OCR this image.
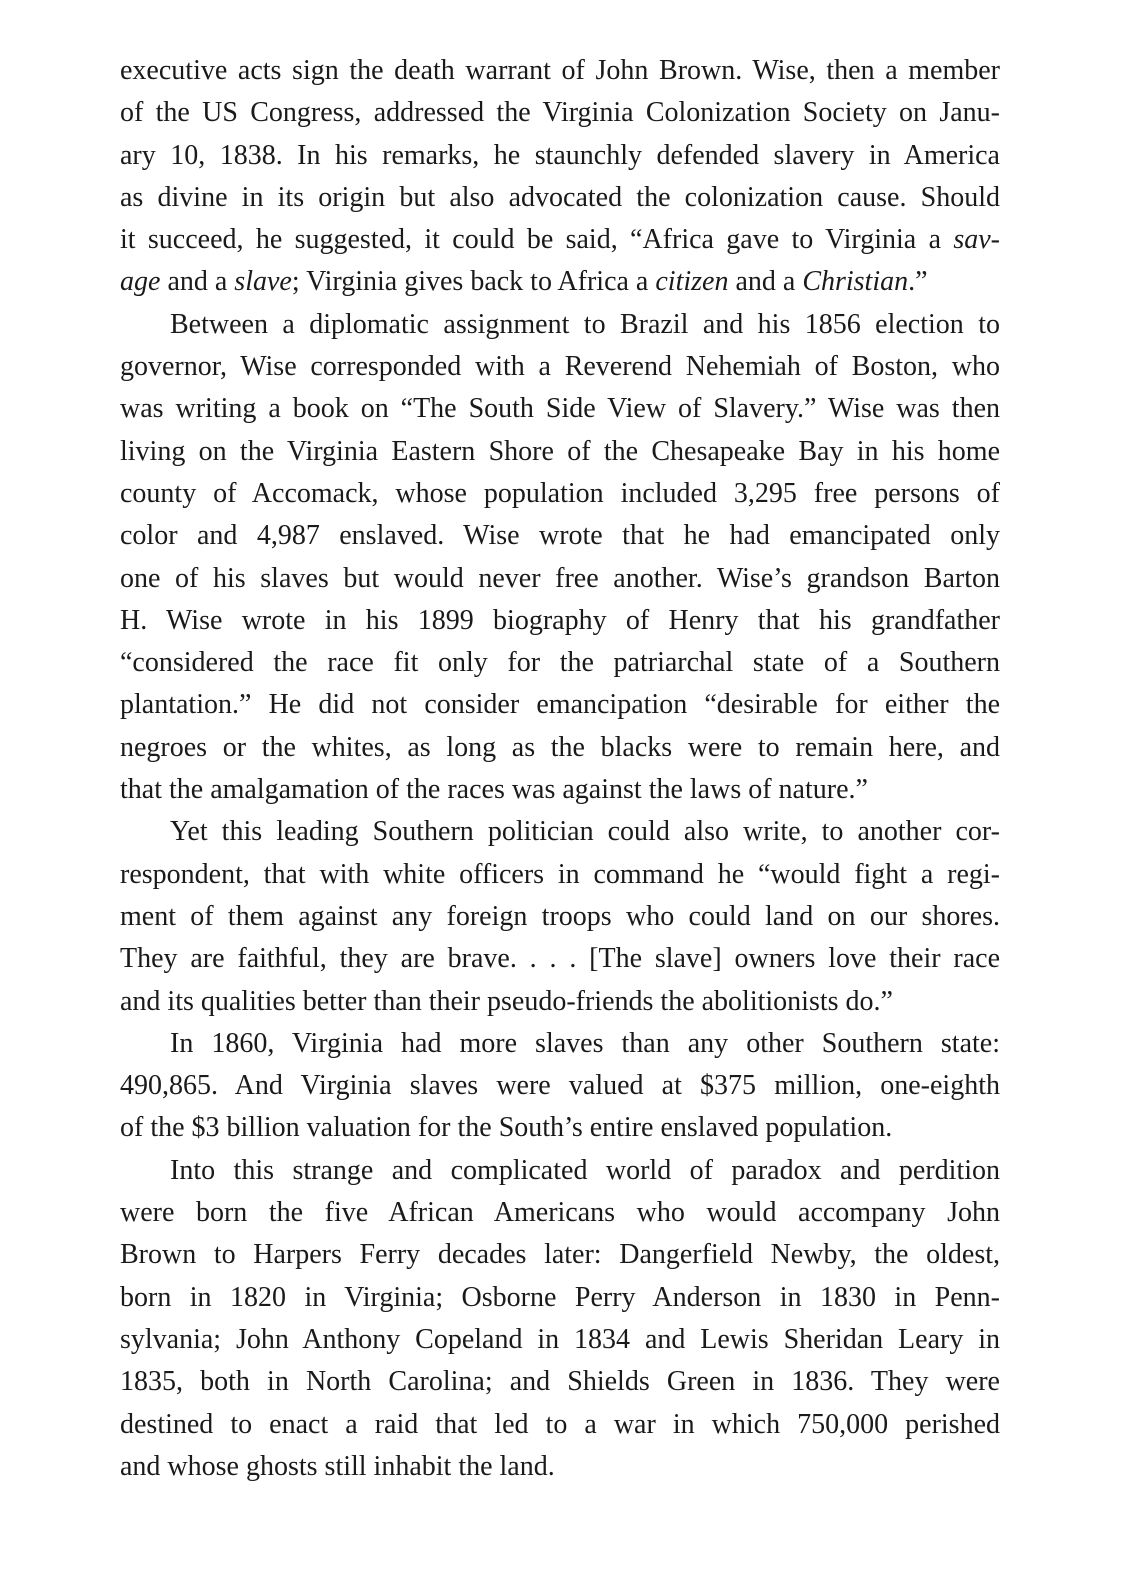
executive acts sign the death warrant of John Brown. Wise, then a member
of the US Congress, addressed the Virginia Colonization Society on Janu-
ary 10, 1838. In his remarks, he staunchly defended slavery in America
as divine in its origin but also advocated the colonization cause. Should
it succeed, he suggested, it could be said, “Africa gave to Virginia a sav-
age and a slave; Virginia gives back to Africa a citizen and a Christian.”
Between a diplomatic assignment to Brazil and his 1856 election to
governor, Wise corresponded with a Reverend Nehemiah of Boston, who
was writing a book on “The South Side View of Slavery.” Wise was then
living on the Virginia Eastern Shore of the Chesapeake Bay in his home
county of Accomack, whose population included 3,295 free persons of
color and 4,987 enslaved. Wise wrote that he had emancipated only
one of his slaves but would never free another. Wise’s grandson Barton
H. Wise wrote in his 1899 biography of Henry that his grandfather
“considered the race fit only for the patriarchal state of a Southern
plantation.” He did not consider emancipation “desirable for either the
negroes or the whites, as long as the blacks were to remain here, and
that the amalgamation of the races was against the laws of nature.”
Yet this leading Southern politician could also write, to another cor-
respondent, that with white officers in command he “would fight a regi-
ment of them against any foreign troops who could land on our shores.
They are faithful, they are brave. . . . [The slave] owners love their race
and its qualities better than their pseudo-friends the abolitionists do.”
In 1860, Virginia had more slaves than any other Southern state:
490,865. And Virginia slaves were valued at $375 million, one-eighth
of the $3 billion valuation for the South’s entire enslaved population.
Into this strange and complicated world of paradox and perdition
were born the five African Americans who would accompany John
Brown to Harpers Ferry decades later: Dangerfield Newby, the oldest,
born in 1820 in Virginia; Osborne Perry Anderson in 1830 in Penn-
sylvania; John Anthony Copeland in 1834 and Lewis Sheridan Leary in
1835, both in North Carolina; and Shields Green in 1836. They were
destined to enact a raid that led to a war in which 750,000 perished
and whose ghosts still inhabit the land.
